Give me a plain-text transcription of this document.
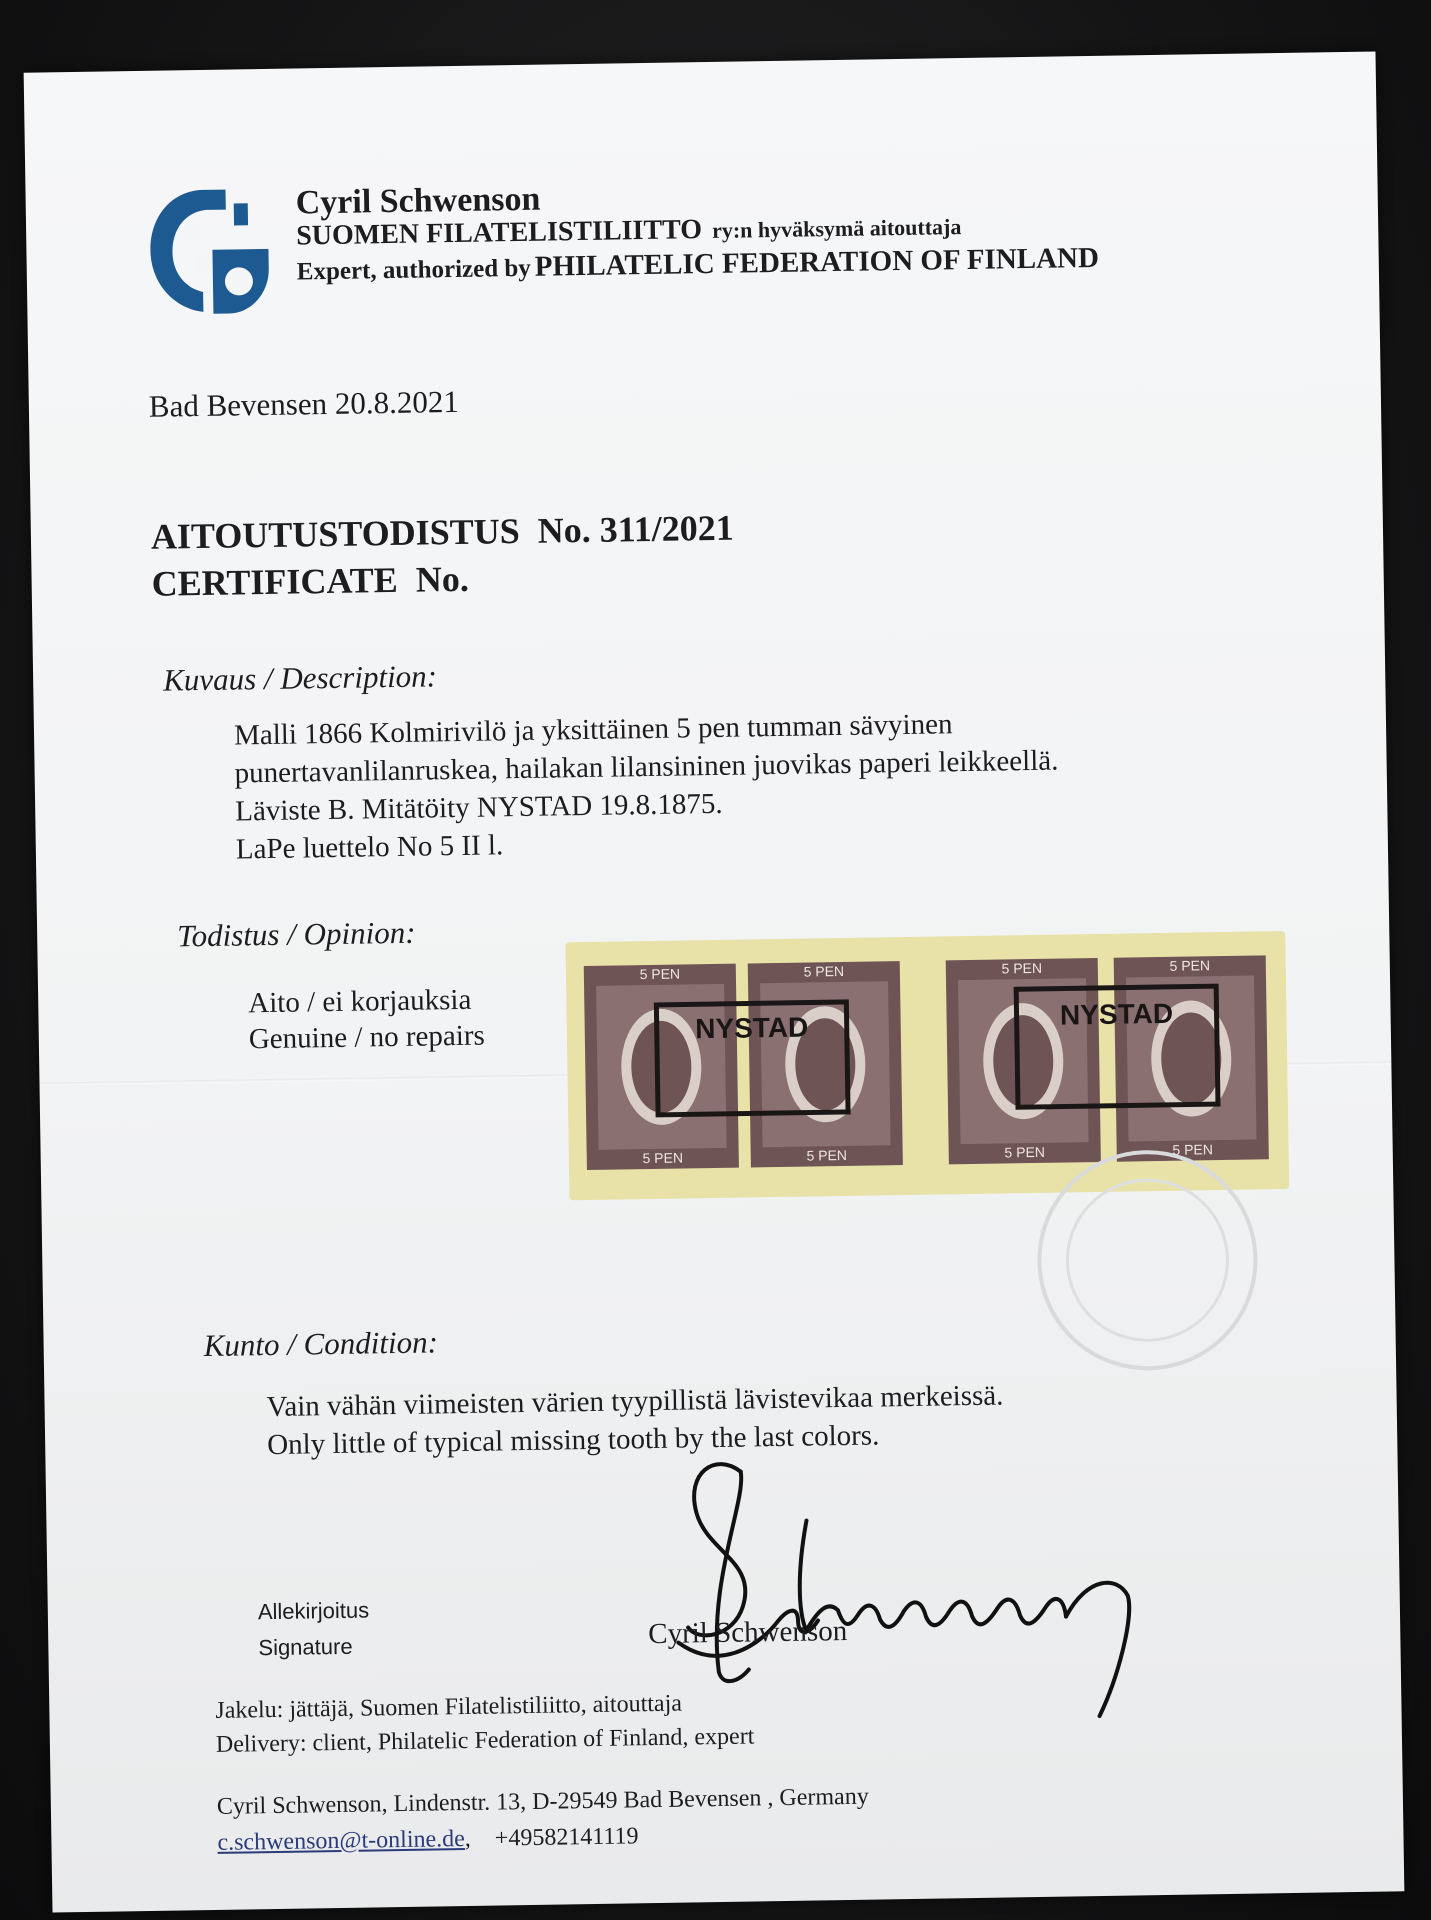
Cyril Schwenson
SUOMEN FILATELISTILIITTO ry:n hyväksymä aitouttaja
Expert, authorized by PHILATELIC FEDERATION OF FINLAND
Bad Bevensen 20.8.2021
AITOUTUSTODISTUS No. 311/2021
CERTIFICATE No.
Kuvaus / Description:
Malli 1866 Kolmirivilö ja yksittäinen 5 pen tumman sävyinen
punertavanlilanruskea, hailakan lilansininen juovikas paperi leikkeellä.
Läviste B. Mitätöity NYSTAD 19.8.1875.
LaPe luettelo No 5 II l.
Todistus / Opinion:
Aito / ei korjauksia
Genuine / no repairs
5 PEN	5 PEN	5 PEN	5 PEN
5 PEN	5 PEN	5 PEN	5 PEN
NYSTAD	NYSTAD
Kunto / Condition:
Vain vähän viimeisten värien tyypillistä lävistevikaa merkeissä.
Only little of typical missing tooth by the last colors.
Allekirjoitus
Signature	Cyril Schwenson
Jakelu: jättäjä, Suomen Filatelistiliitto, aitouttaja
Delivery: client, Philatelic Federation of Finland, expert
Cyril Schwenson, Lindenstr. 13, D-29549 Bad Bevensen , Germany
c.schwenson@t-online.de, +49582141119
